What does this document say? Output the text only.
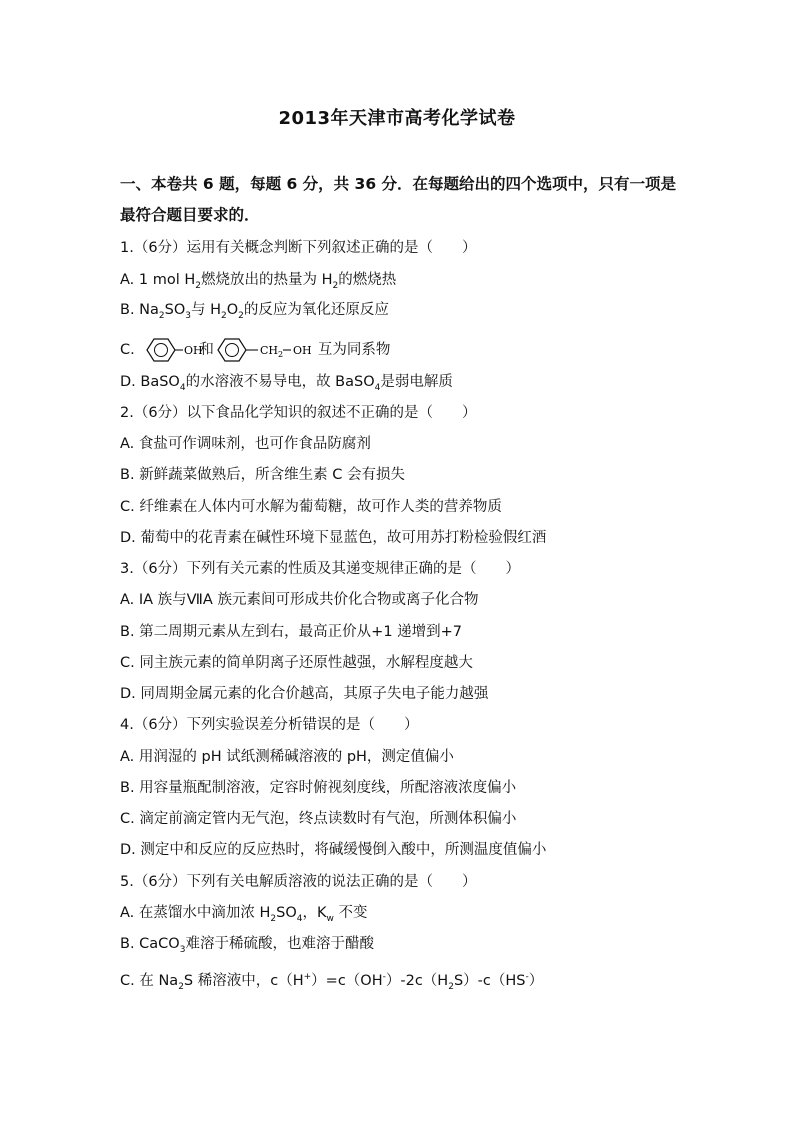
2013年天津市高考化学试卷
一、本卷共 6 题，每题 6 分，共 36 分．在每题给出的四个选项中，只有一项是
最符合题目要求的．
1.（6分）运用有关概念判断下列叙述正确的是（　　）
A. 1 mol $H_2$燃烧放出的热量为 $H_2$的燃烧热
B. $Na_2SO_3$与 $H_2O_2$的反应为氧化还原反应
C.	OH
和	$CH_2$ OH 互为同系物
D. BaSO$_4$的水溶液不易导电，故 BaSO$_4$是弱电解质
2.（6分）以下食品化学知识的叙述不正确的是（　　）
A. 食盐可作调味剂，也可作食品防腐剂
B. 新鲜蔬菜做熟后，所含维生素 C 会有损失
C. 纤维素在人体内可水解为葡萄糖，故可作人类的营养物质
D. 葡萄中的花青素在碱性环境下显蓝色，故可用苏打粉检验假红酒
3.（6分）下列有关元素的性质及其递变规律正确的是（　　）
A. ⅠA 族与ⅦA 族元素间可形成共价化合物或离子化合物
B. 第二周期元素从左到右，最高正价从+1 递增到+7
C. 同主族元素的简单阴离子还原性越强，水解程度越大
D. 同周期金属元素的化合价越高，其原子失电子能力越强
4.（6分）下列实验误差分析错误的是（　　）
A. 用润湿的 pH 试纸测稀碱溶液的 pH，测定值偏小
B. 用容量瓶配制溶液，定容时俯视刻度线，所配溶液浓度偏小
C. 滴定前滴定管内无气泡，终点读数时有气泡，所测体积偏小
D. 测定中和反应的反应热时，将碱缓慢倒入酸中，所测温度值偏小
5.（6分）下列有关电解质溶液的说法正确的是（　　）
A. 在蒸馏水中滴加浓 $H_2SO_4$，$K_w$ 不变
B. CaCO$_3$难溶于稀硫酸，也难溶于醋酸
C. 在 $Na_2S$ 稀溶液中，$c(H^+)=c(OH^-)-2c(H_2S)-c(HS^-)$
